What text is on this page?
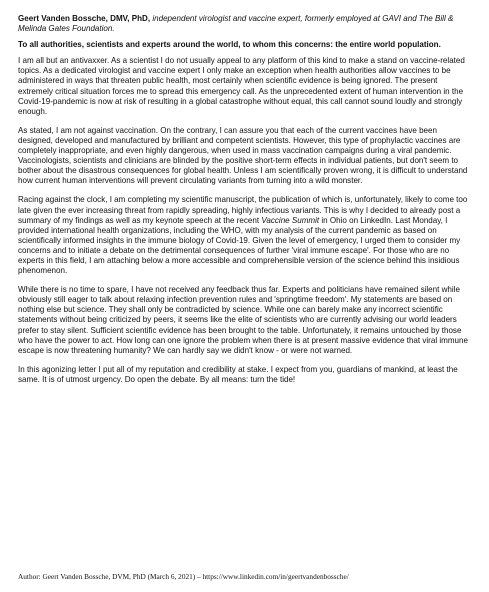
Geert Vanden Bossche, DMV, PhD, independent virologist and vaccine expert, formerly employed at GAVI and The Bill & Melinda Gates Foundation.

To all authorities, scientists and experts around the world, to whom this concerns: the entire world population.

I am all but an antivaxxer. As a scientist I do not usually appeal to any platform of this kind to make a stand on vaccine-related topics. As a dedicated virologist and vaccine expert I only make an exception when health authorities allow vaccines to be administered in ways that threaten public health, most certainly when scientific evidence is being ignored. The present extremely critical situation forces me to spread this emergency call. As the unprecedented extent of human intervention in the Covid-19-pandemic is now at risk of resulting in a global catastrophe without equal, this call cannot sound loudly and strongly enough.

As stated, I am not against vaccination. On the contrary, I can assure you that each of the current vaccines have been designed, developed and manufactured by brilliant and competent scientists. However, this type of prophylactic vaccines are completely inappropriate, and even highly dangerous, when used in mass vaccination campaigns during a viral pandemic. Vaccinologists, scientists and clinicians are blinded by the positive short-term effects in individual patients, but don't seem to bother about the disastrous consequences for global health. Unless I am scientifically proven wrong, it is difficult to understand how current human interventions will prevent circulating variants from turning into a wild monster.

Racing against the clock, I am completing my scientific manuscript, the publication of which is, unfortunately, likely to come too late given the ever increasing threat from rapidly spreading, highly infectious variants. This is why I decided to already post a summary of my findings as well as my keynote speech at the recent Vaccine Summit in Ohio on LinkedIn. Last Monday, I provided international health organizations, including the WHO, with my analysis of the current pandemic as based on scientifically informed insights in the immune biology of Covid-19. Given the level of emergency, I urged them to consider my concerns and to initiate a debate on the detrimental consequences of further 'viral immune escape'. For those who are no experts in this field, I am attaching below a more accessible and comprehensible version of the science behind this insidious phenomenon.

While there is no time to spare, I have not received any feedback thus far. Experts and politicians have remained silent while obviously still eager to talk about relaxing infection prevention rules and 'springtime freedom'. My statements are based on nothing else but science. They shall only be contradicted by science. While one can barely make any incorrect scientific statements without being criticized by peers, it seems like the elite of scientists who are currently advising our world leaders prefer to stay silent. Sufficient scientific evidence has been brought to the table. Unfortunately, it remains untouched by those who have the power to act. How long can one ignore the problem when there is at present massive evidence that viral immune escape is now threatening humanity? We can hardly say we didn't know - or were not warned.

In this agonizing letter I put all of my reputation and credibility at stake. I expect from you, guardians of mankind, at least the same. It is of utmost urgency. Do open the debate. By all means: turn the tide!

Author: Geert Vanden Bossche, DVM, PhD (March 6, 2021) – https://www.linkedin.com/in/geertvandenbossche/
